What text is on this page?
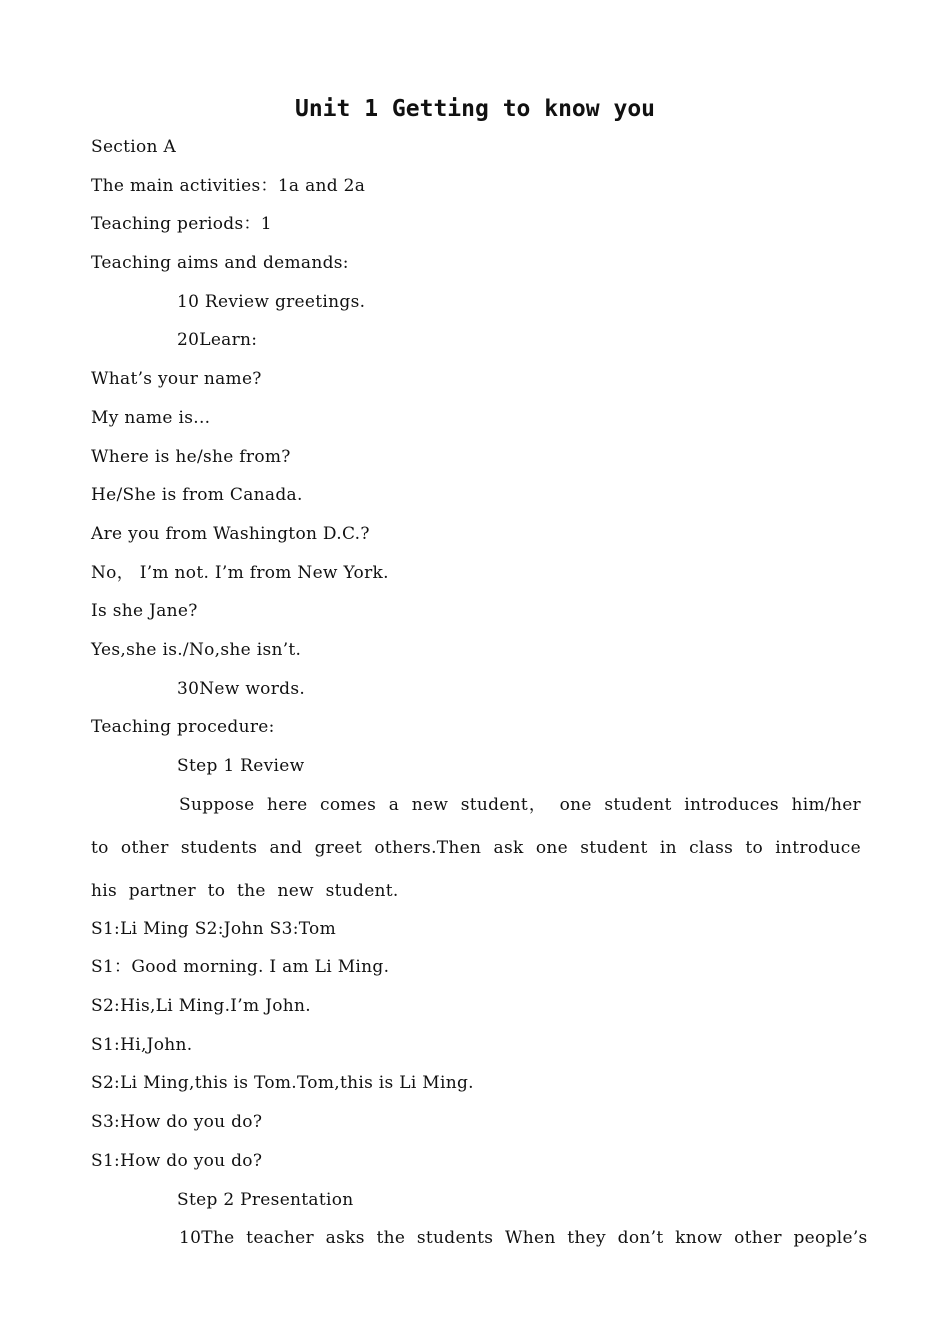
Unit 1 Getting to know you
Section A
The main activities：1a and 2a
Teaching periods：1
Teaching aims and demands:
10 Review greetings.
20Learn:
What’s your name?
My name is...
Where is he/she from?
He/She is from Canada.
Are you from Washington D.C.?
No， I’m not. I’m from New York.
Is she Jane?
Yes,she is./No,she isn’t.
30New words.
Teaching procedure:
Step 1 Review
Suppose here comes a new student， one student introduces him/her to other students and greet others.Then ask one student in class to introduce his partner to the new student.
S1:Li Ming S2:John S3:Tom
S1：Good morning. I am Li Ming.
S2:His,Li Ming.I’m John.
S1:Hi,John.
S2:Li Ming,this is Tom.Tom,this is Li Ming.
S3:How do you do?
S1:How do you do?
Step 2 Presentation
10The teacher asks the students When they don’t know other people’s
